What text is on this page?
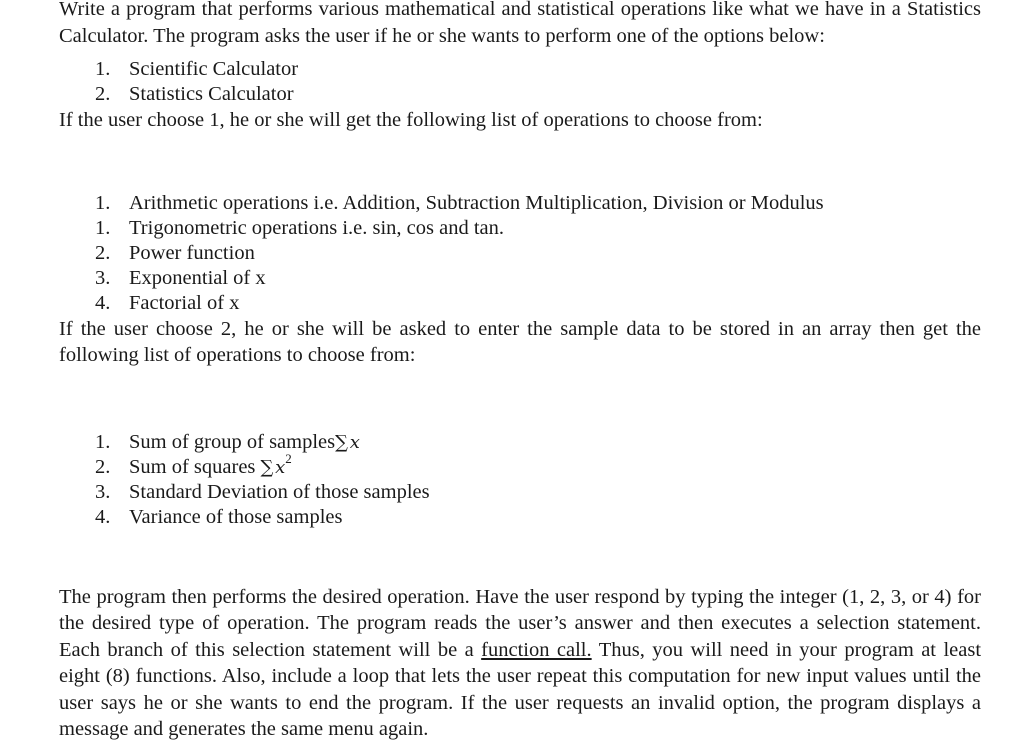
Write a program that performs various mathematical and statistical operations like what we have in a Statistics Calculator. The program asks the user if he or she wants to perform one of the options below:

1. Scientific Calculator
2. Statistics Calculator

If the user choose 1, he or she will get the following list of operations to choose from:

1. Arithmetic operations i.e. Addition, Subtraction Multiplication, Division or Modulus
1. Trigonometric operations i.e. sin, cos and tan.
2. Power function
3. Exponential of x
4. Factorial of x

If the user choose 2, he or she will be asked to enter the sample data to be stored in an array then get the following list of operations to choose from:

1. Sum of group of samples∑ x
2. Sum of squares ∑ $x^2$
3. Standard Deviation of those samples
4. Variance of those samples

The program then performs the desired operation. Have the user respond by typing the integer (1, 2, 3, or 4) for the desired type of operation. The program reads the user’s answer and then executes a selection statement. Each branch of this selection statement will be a function call. Thus, you will need in your program at least eight (8) functions. Also, include a loop that lets the user repeat this computation for new input values until the user says he or she wants to end the program. If the user requests an invalid option, the program displays a message and generates the same menu again.
